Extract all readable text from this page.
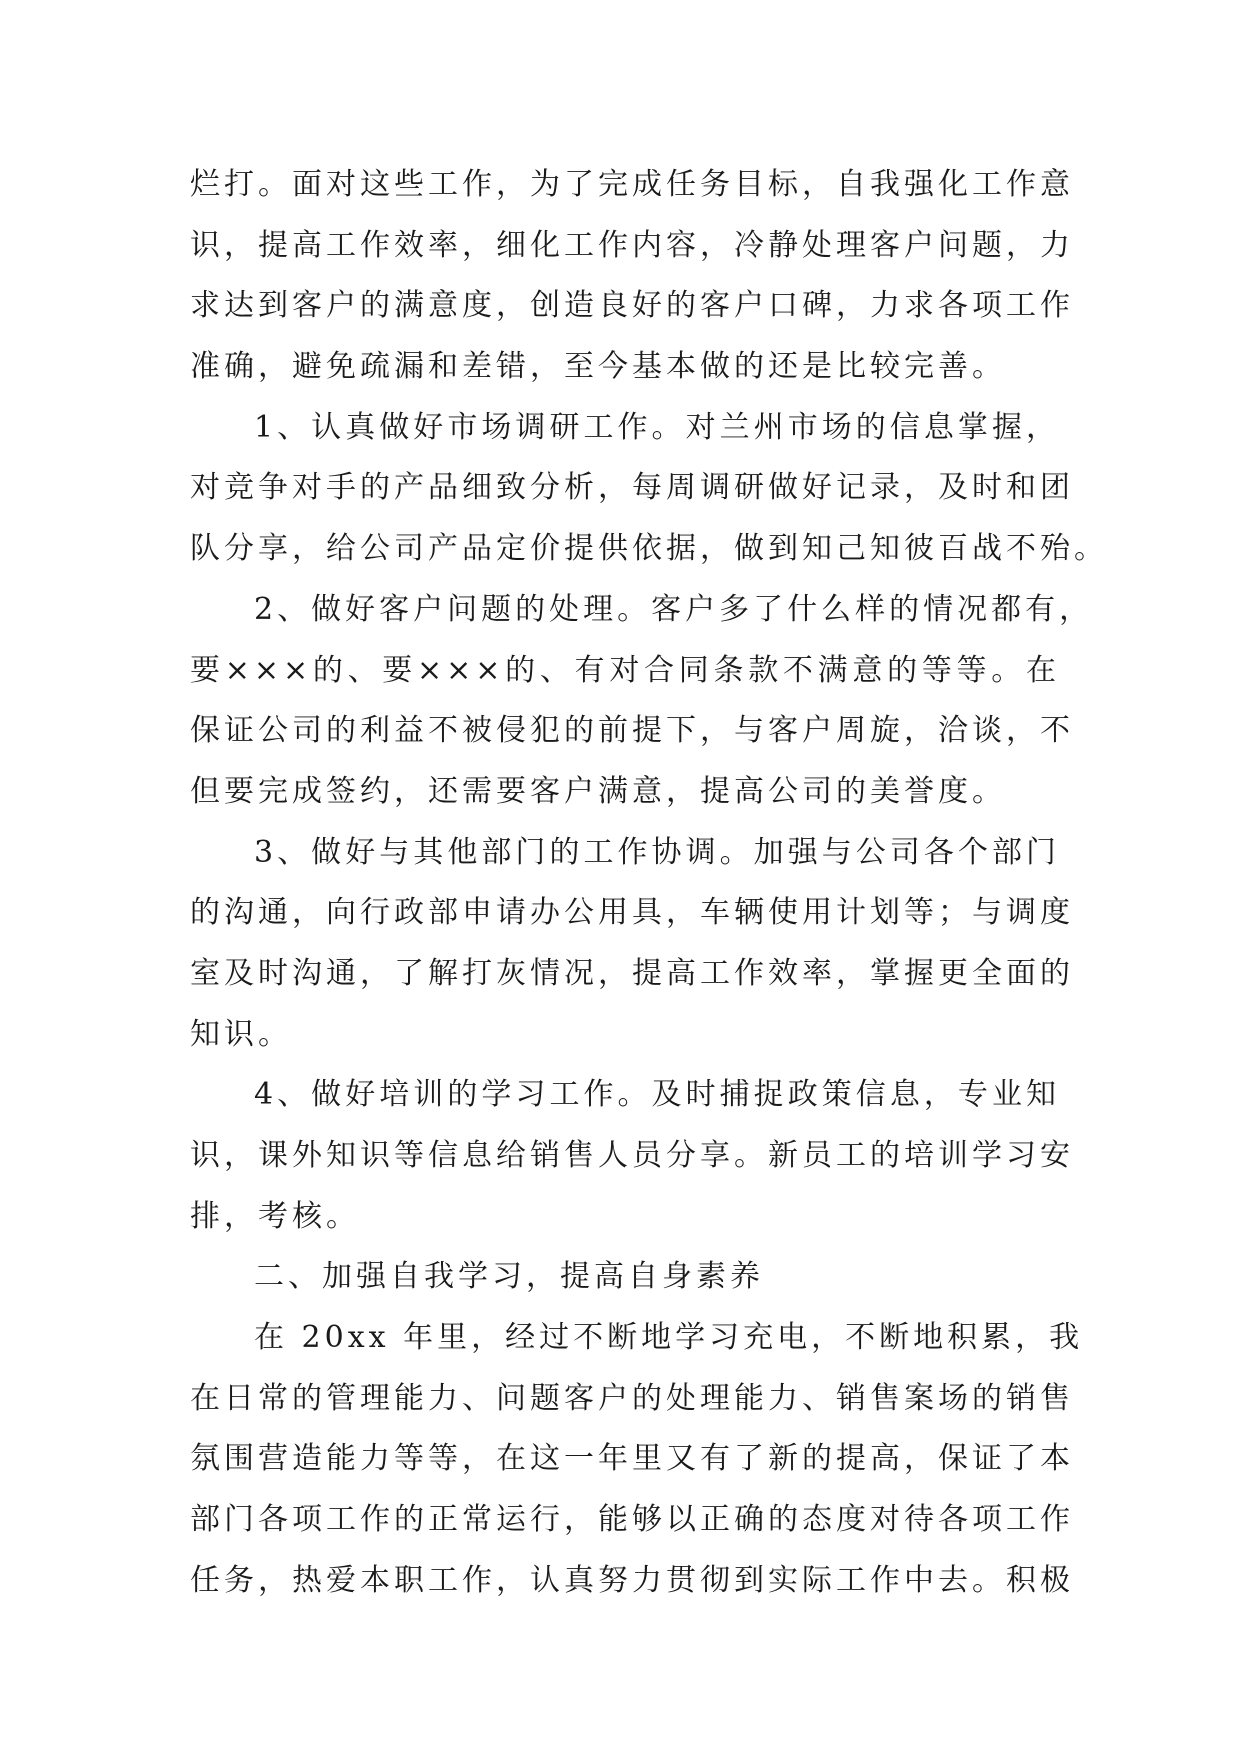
烂打。面对这些工作，为了完成任务目标，自我强化工作意
识，提高工作效率，细化工作内容，冷静处理客户问题，力
求达到客户的满意度，创造良好的客户口碑，力求各项工作
准确，避免疏漏和差错，至今基本做的还是比较完善。
1、认真做好市场调研工作。对兰州市场的信息掌握，
对竞争对手的产品细致分析，每周调研做好记录，及时和团
队分享，给公司产品定价提供依据，做到知己知彼百战不殆。
2、做好客户问题的处理。客户多了什么样的情况都有，
要×××的、要×××的、有对合同条款不满意的等等。在
保证公司的利益不被侵犯的前提下，与客户周旋，洽谈，不
但要完成签约，还需要客户满意，提高公司的美誉度。
3、做好与其他部门的工作协调。加强与公司各个部门
的沟通，向行政部申请办公用具，车辆使用计划等；与调度
室及时沟通，了解打灰情况，提高工作效率，掌握更全面的
知识。
4、做好培训的学习工作。及时捕捉政策信息，专业知
识，课外知识等信息给销售人员分享。新员工的培训学习安
排，考核。
二、加强自我学习，提高自身素养
在 20xx 年里，经过不断地学习充电，不断地积累，我
在日常的管理能力、问题客户的处理能力、销售案场的销售
氛围营造能力等等，在这一年里又有了新的提高，保证了本
部门各项工作的正常运行，能够以正确的态度对待各项工作
任务，热爱本职工作，认真努力贯彻到实际工作中去。积极
